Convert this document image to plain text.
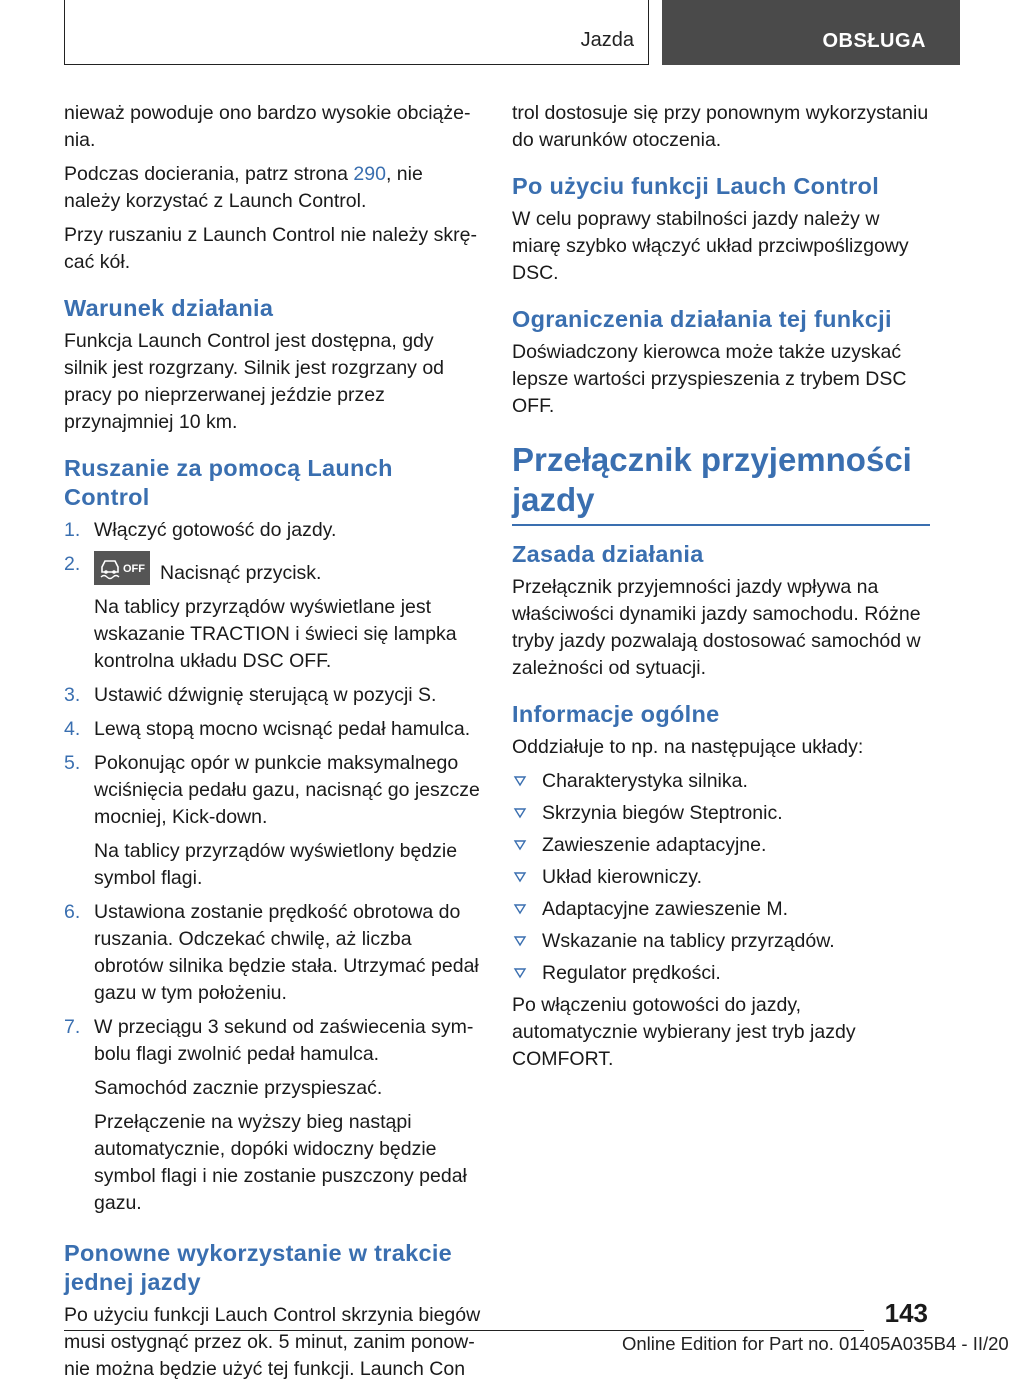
Jazda	OBSŁUGA

nieważ powoduje ono bardzo wysokie obciążenia.

Podczas docierania, patrz strona 290, nie należy korzystać z Launch Control.

Przy ruszaniu z Launch Control nie należy skręcać kół.

Warunek działania

Funkcja Launch Control jest dostępna, gdy silnik jest rozgrzany. Silnik jest rozgrzany od pracy po nieprzerwanej jeździe przez przynajmniej 10 km.

Ruszanie za pomocą Launch Control
1. Włączyć gotowość do jazdy.

2.	OFF Nacisnąć przycisk.

Na tablicy przyrządów wyświetlane jest wskazanie TRACTION i świeci się lampka kontrolna układu DSC OFF.

3. Ustawić dźwignię sterującą w pozycji S.

4. Lewą stopą mocno wcisnąć pedał hamulca.

5. Pokonując opór w punkcie maksymalnego wciśnięcia pedału gazu, nacisnąć go jeszcze mocniej, Kick-down.

Na tablicy przyrządów wyświetlony będzie symbol flagi.

6. Ustawiona zostanie prędkość obrotowa do ruszania. Odczekać chwilę, aż liczba obrotów silnika będzie stała. Utrzymać pedał gazu w tym położeniu.

7. W przeciągu 3 sekund od zaświecenia symbolu flagi zwolnić pedał hamulca.

Samochód zacznie przyspieszać.

Przełączenie na wyższy bieg nastąpi automatycznie, dopóki widoczny będzie symbol flagi i nie zostanie puszczony pedał gazu.

Ponowne wykorzystanie w trakcie jednej jazdy

Po użyciu funkcji Lauch Control skrzynia biegów musi ostygnąć przez ok. 5 minut, zanim ponownie można będzie użyć tej funkcji. Launch Con

trol dostosuje się przy ponownym wykorzystaniu do warunków otoczenia.

Po użyciu funkcji Lauch Control

W celu poprawy stabilności jazdy należy w miarę szybko włączyć układ przciwpoślizgowy DSC.

Ograniczenia działania tej funkcji

Doświadczony kierowca może także uzyskać lepsze wartości przyspieszenia z trybem DSC OFF.

Przełącznik przyjemności jazdy
Zasada działania

Przełącznik przyjemności jazdy wpływa na właściwości dynamiki jazdy samochodu. Różne tryby jazdy pozwalają dostosować samochód w zależności od sytuacji.

Informacje ogólne

Oddziałuje to np. na następujące układy:

Charakterystyka silnika.
Skrzynia biegów Steptronic.
Zawieszenie adaptacyjne.
Układ kierowniczy.
Adaptacyjne zawieszenie M.
Wskazanie na tablicy przyrządów.
Regulator prędkości.

Po włączeniu gotowości do jazdy, automatycznie wybierany jest tryb jazdy COMFORT.

143
Online Edition for Part no. 01405A035B4 - II/20
